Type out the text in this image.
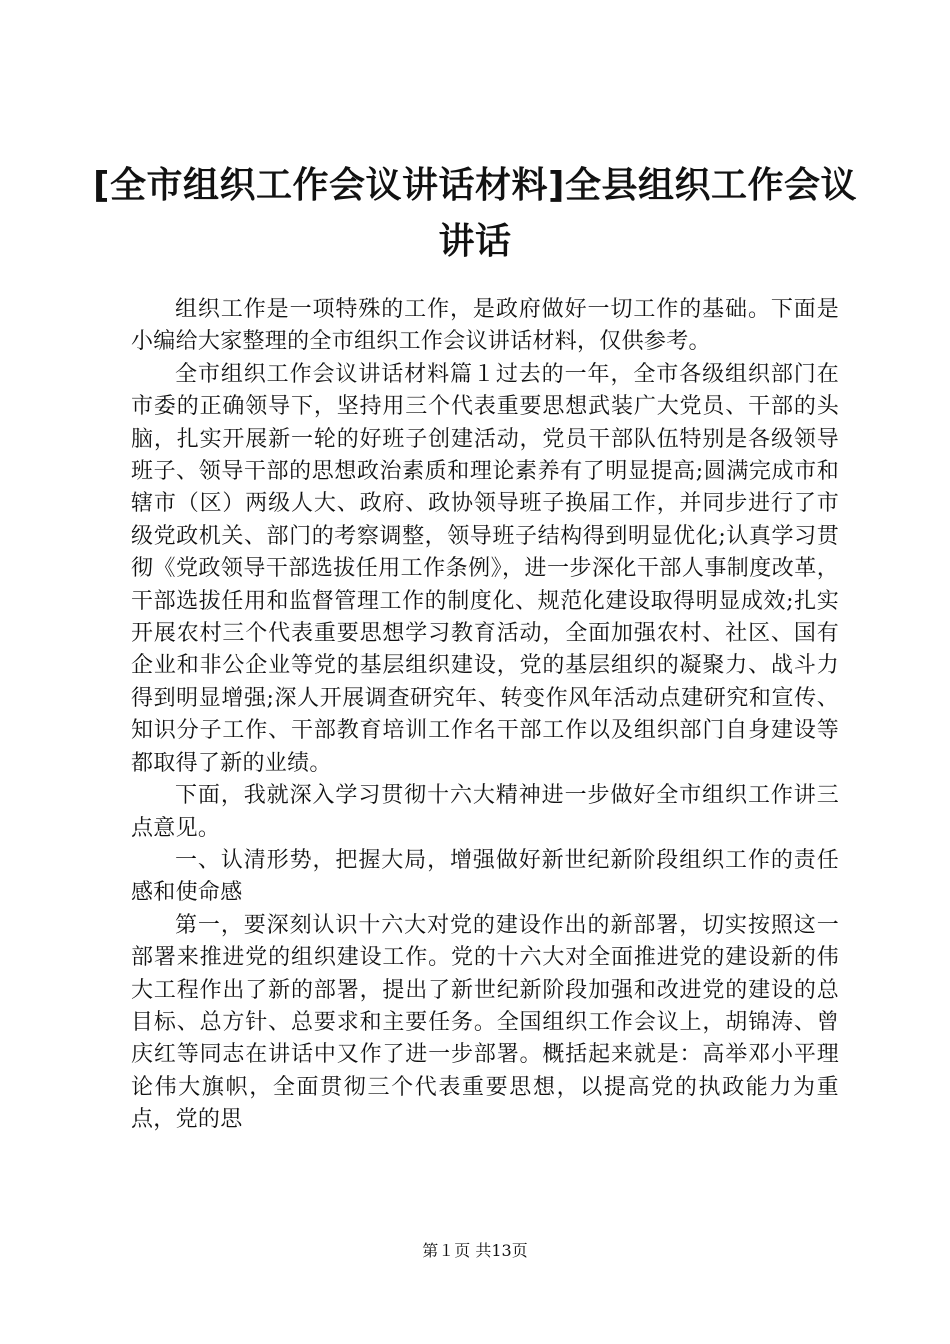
[全市组织工作会议讲话材料]全县组织工作会议讲话

组织工作是一项特殊的工作，是政府做好一切工作的基础。下面是小编给大家整理的全市组织工作会议讲话材料，仅供参考。

全市组织工作会议讲话材料篇１过去的一年，全市各级组织部门在市委的正确领导下，坚持用三个代表重要思想武装广大党员、干部的头脑，扎实开展新一轮的好班子创建活动，党员干部队伍特别是各级领导班子、领导干部的思想政治素质和理论素养有了明显提高;圆满完成市和辖市（区）两级人大、政府、政协领导班子换届工作，并同步进行了市级党政机关、部门的考察调整，领导班子结构得到明显优化;认真学习贯彻《党政领导干部选拔任用工作条例》，进一步深化干部人事制度改革，干部选拔任用和监督管理工作的制度化、规范化建设取得明显成效;扎实开展农村三个代表重要思想学习教育活动，全面加强农村、社区、国有企业和非公企业等党的基层组织建设，党的基层组织的凝聚力、战斗力得到明显增强;深人开展调查研究年、转变作风年活动点建研究和宣传、知识分子工作、干部教育培训工作名干部工作以及组织部门自身建设等都取得了新的业绩。

下面，我就深入学习贯彻十六大精神进一步做好全市组织工作讲三点意见。

一、认清形势，把握大局，增强做好新世纪新阶段组织工作的责任感和使命感

第一，要深刻认识十六大对党的建设作出的新部署，切实按照这一部署来推进党的组织建设工作。党的十六大对全面推进党的建设新的伟大工程作出了新的部署，提出了新世纪新阶段加强和改进党的建设的总目标、总方针、总要求和主要任务。全国组织工作会议上，胡锦涛、曾庆红等同志在讲话中又作了进一步部署。概括起来就是：高举邓小平理论伟大旗帜，全面贯彻三个代表重要思想，以提高党的执政能力为重点，党的思

第１页 共13页
